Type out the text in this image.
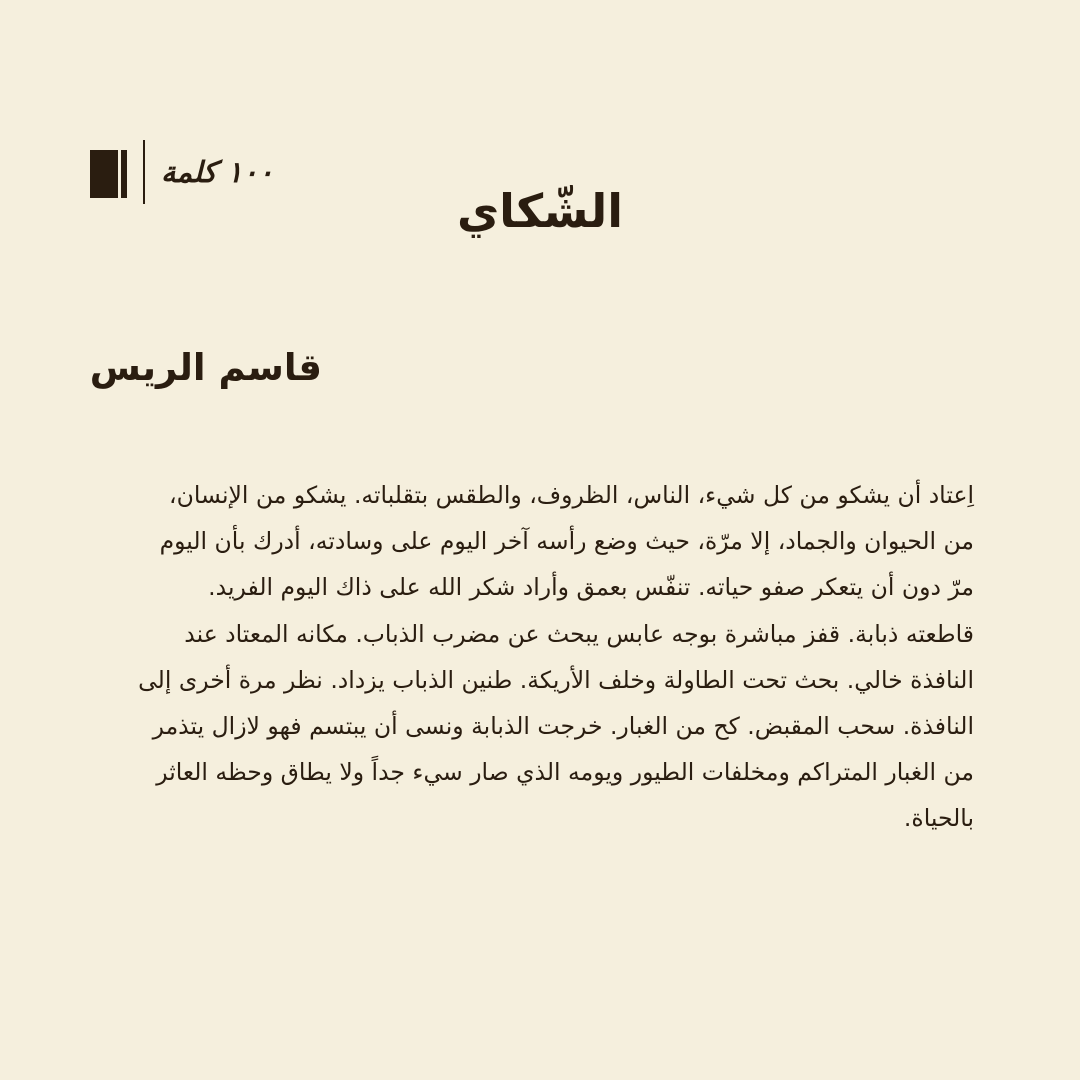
١٠٠ كلمة
الشّكاي
قاسم الريس
اِعتاد أن يشكو من كل شيء، الناس، الظروف، والطقس بتقلباته. يشكو من الإنسان،
من الحيوان والجماد، إلا مرّة، حيث وضع رأسه آخر اليوم على وسادته، أدرك بأن اليوم
مرّ دون أن يتعكر صفو حياته. تنفّس بعمق وأراد شكر الله على ذاك اليوم الفريد.
قاطعته ذبابة. قفز مباشرة بوجه عابس يبحث عن مضرب الذباب. مكانه المعتاد عند
النافذة خالي. بحث تحت الطاولة وخلف الأريكة. طنين الذباب يزداد. نظر مرة أخرى إلى
النافذة. سحب المقبض. كح من الغبار. خرجت الذبابة ونسى أن يبتسم فهو لازال يتذمر
من الغبار المتراكم ومخلفات الطيور ويومه الذي صار سيء جداً ولا يطاق وحظه العاثر
بالحياة.
